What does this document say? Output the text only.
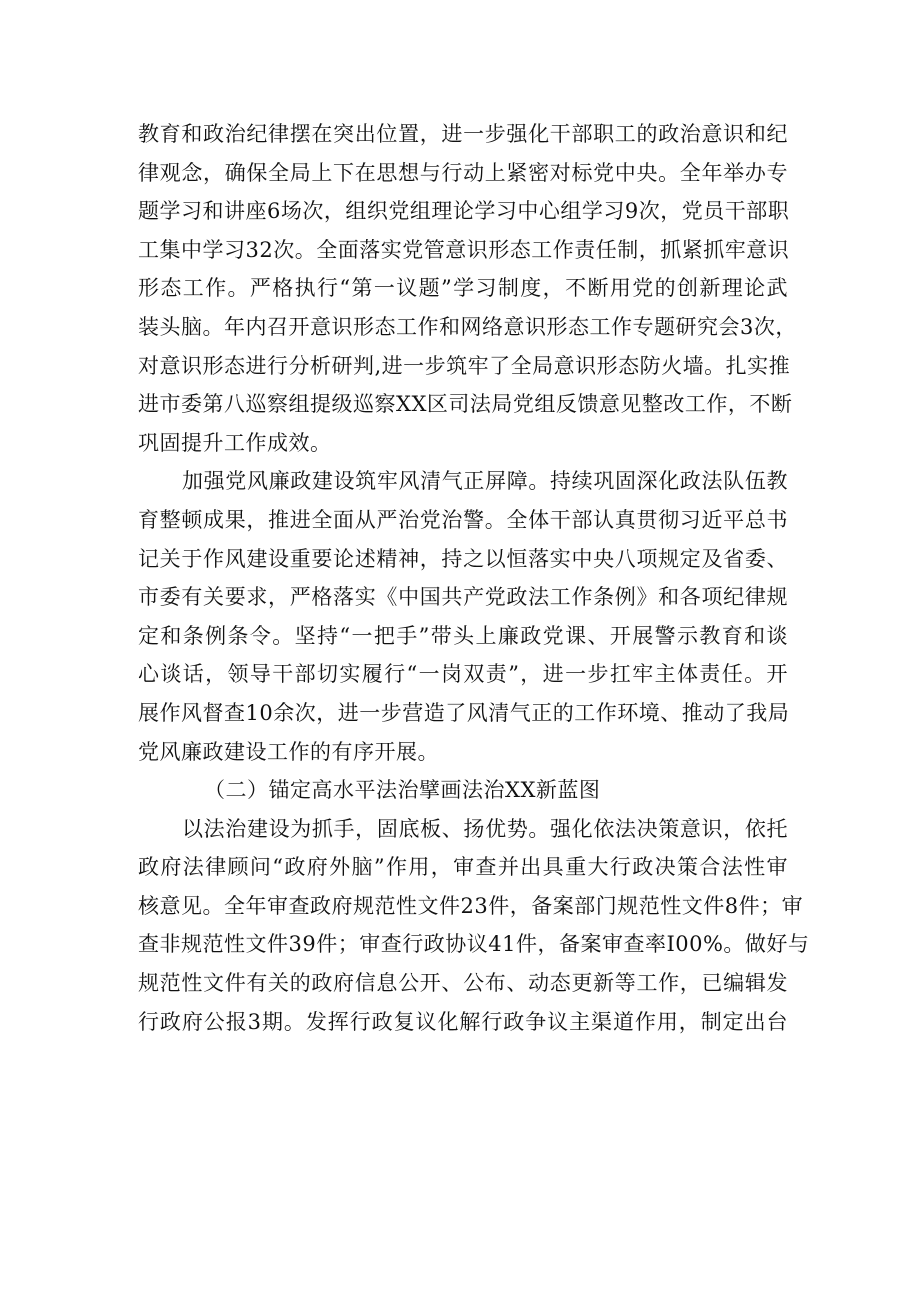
教育和政治纪律摆在突出位置，进一步强化干部职工的政治意识和纪
律观念，确保全局上下在思想与行动上紧密对标党中央。全年举办专
题学习和讲座6场次，组织党组理论学习中心组学习9次，党员干部职
工集中学习32次。全面落实党管意识形态工作责任制，抓紧抓牢意识
形态工作。严格执行“第一议题”学习制度，不断用党的创新理论武
装头脑。年内召开意识形态工作和网络意识形态工作专题研究会3次，
对意识形态进行分析研判,进一步筑牢了全局意识形态防火墙。扎实推
进市委第八巡察组提级巡察XX区司法局党组反馈意见整改工作，不断
巩固提升工作成效。
加强党风廉政建设筑牢风清气正屏障。持续巩固深化政法队伍教
育整顿成果，推进全面从严治党治警。全体干部认真贯彻习近平总书
记关于作风建设重要论述精神，持之以恒落实中央八项规定及省委、
市委有关要求，严格落实《中国共产党政法工作条例》和各项纪律规
定和条例条令。坚持“一把手”带头上廉政党课、开展警示教育和谈
心谈话，领导干部切实履行“一岗双责”，进一步扛牢主体责任。开
展作风督查10余次，进一步营造了风清气正的工作环境、推动了我局
党风廉政建设工作的有序开展。
（二）锚定高水平法治擘画法治XX新蓝图
以法治建设为抓手，固底板、扬优势。强化依法决策意识，依托
政府法律顾问“政府外脑”作用，审查并出具重大行政决策合法性审
核意见。全年审查政府规范性文件23件，备案部门规范性文件8件；审
查非规范性文件39件；审查行政协议41件，备案审查率I00%。做好与
规范性文件有关的政府信息公开、公布、动态更新等工作，已编辑发
行政府公报3期。发挥行政复议化解行政争议主渠道作用，制定出台
